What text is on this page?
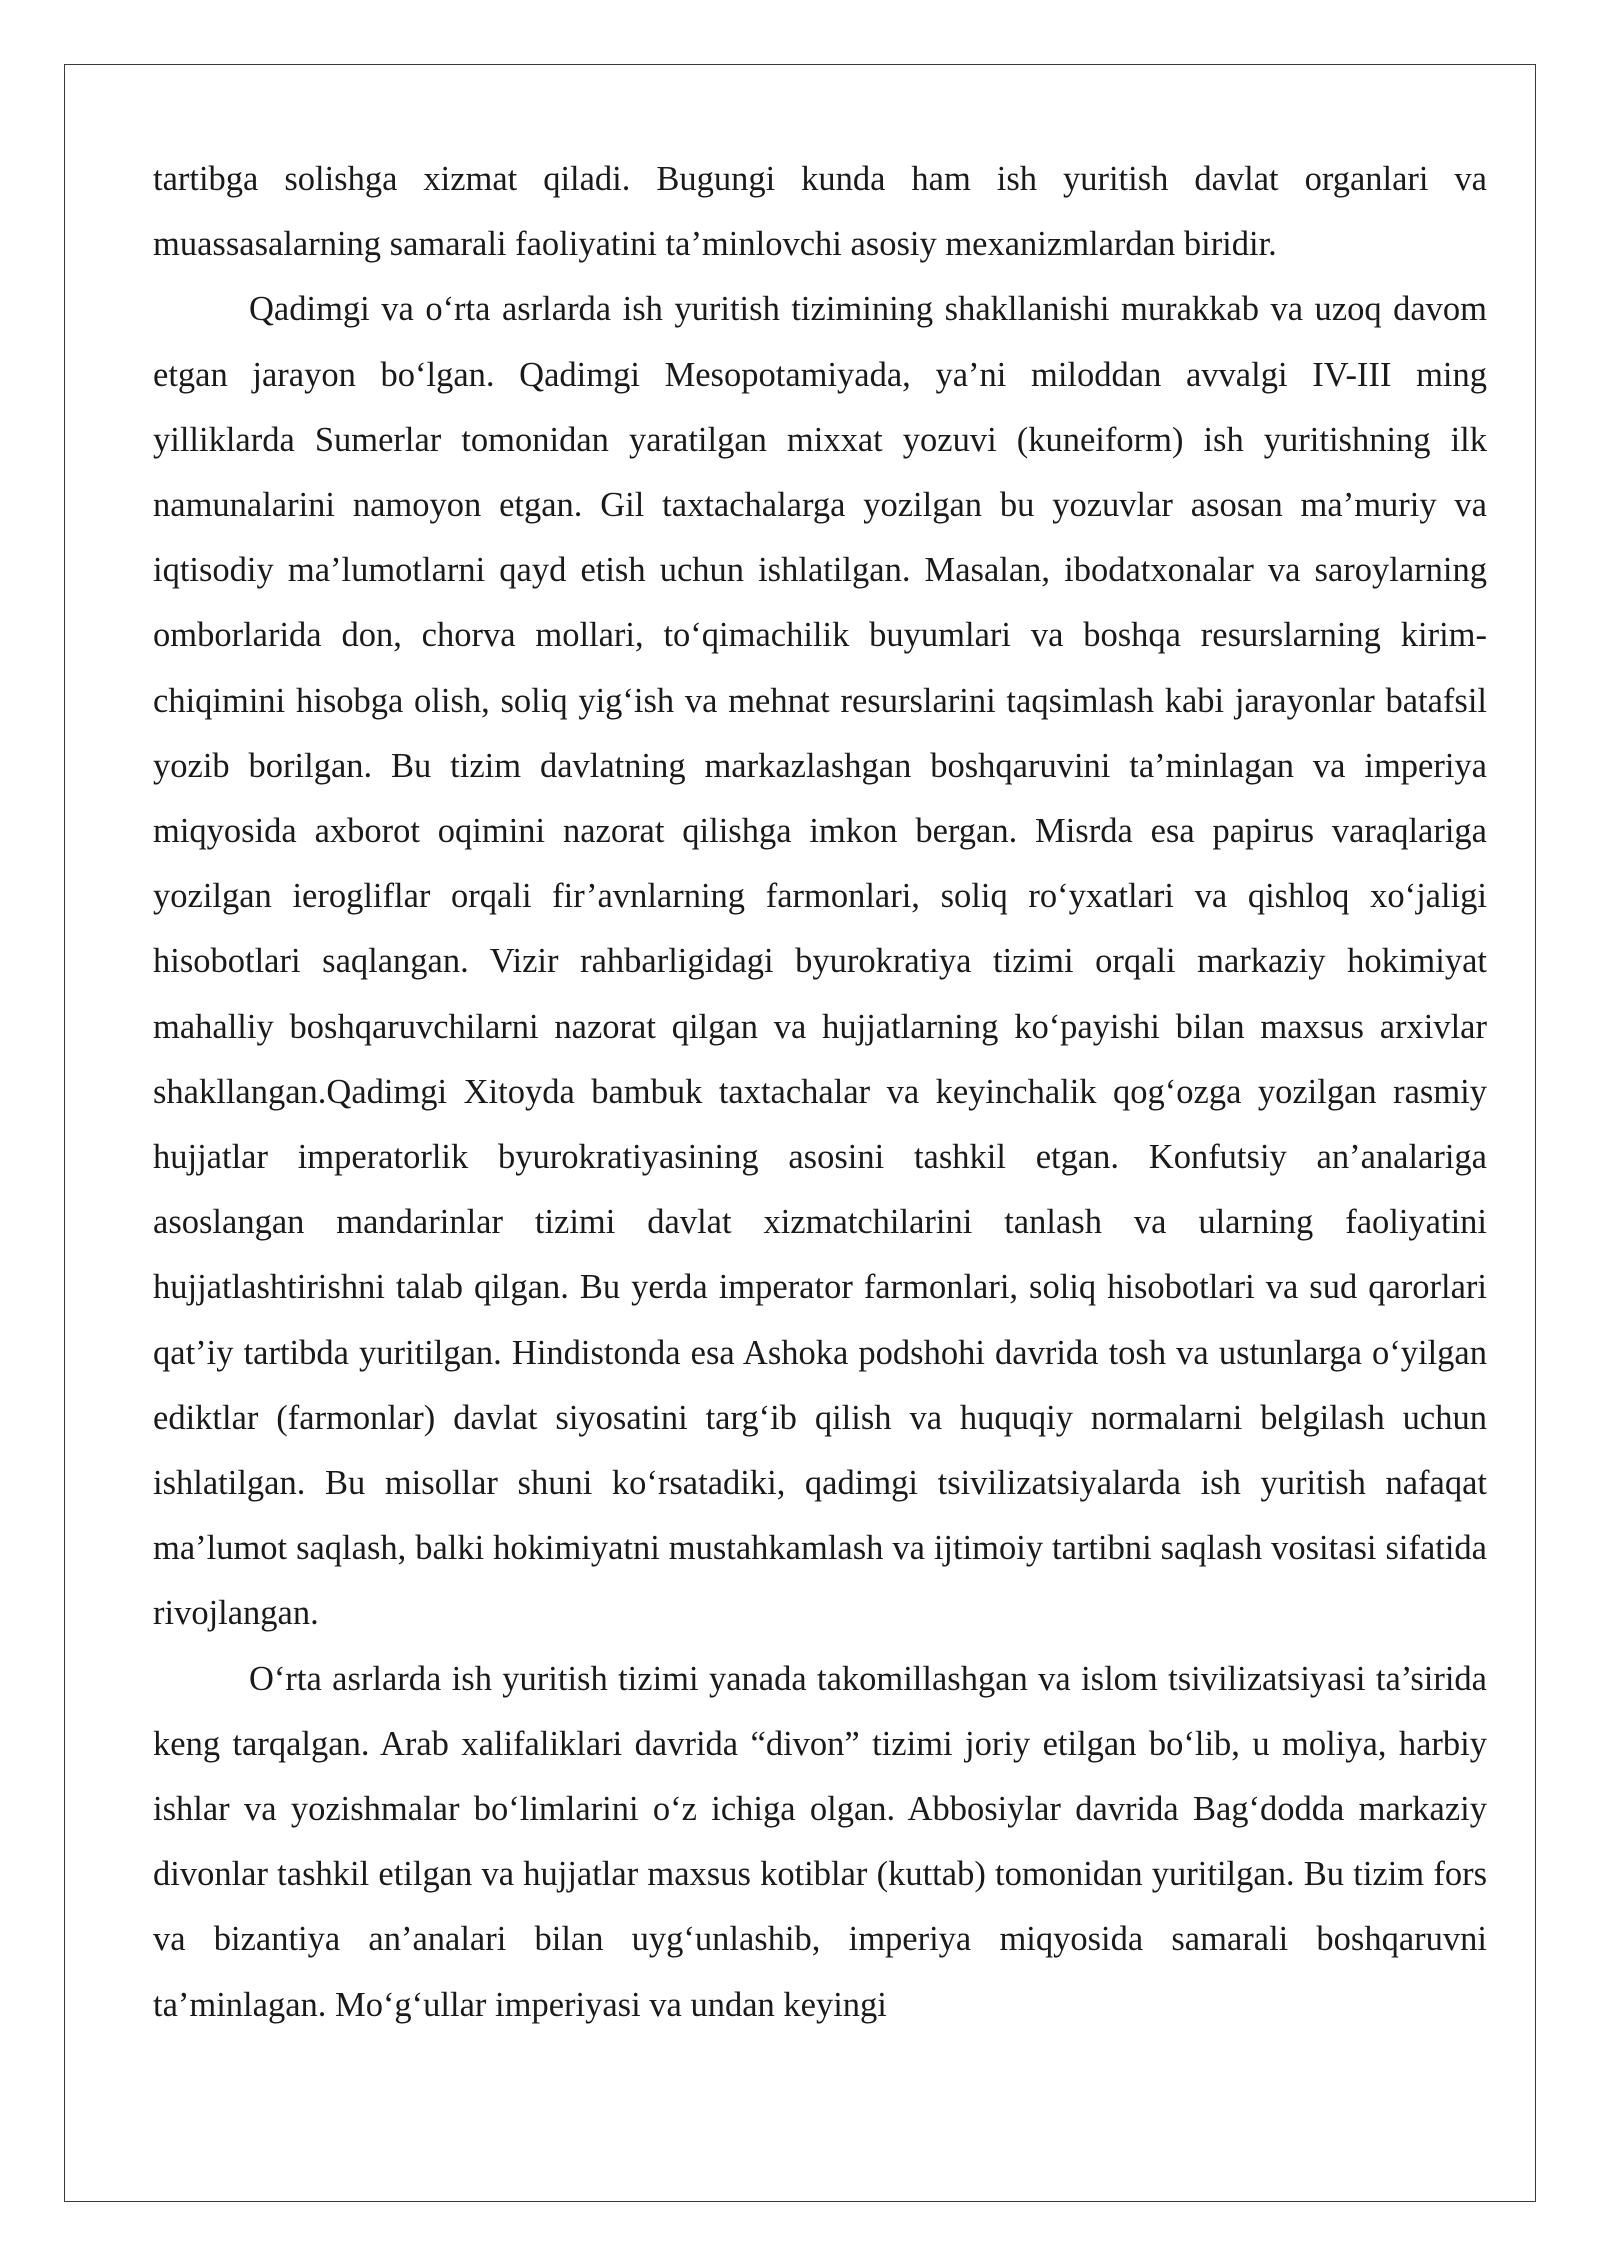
tartibga solishga xizmat qiladi. Bugungi kunda ham ish yuritish davlat organlari va muassasalarning samarali faoliyatini ta’minlovchi asosiy mexanizmlardan biridir.

Qadimgi va o‘rta asrlarda ish yuritish tizimining shakllanishi murakkab va uzoq davom etgan jarayon bo‘lgan. Qadimgi Mesopotamiyada, ya’ni miloddan avvalgi IV-III ming yilliklarda Sumerlar tomonidan yaratilgan mixxat yozuvi (kuneiform) ish yuritishning ilk namunalarini namoyon etgan. Gil taxtachalarga yozilgan bu yozuvlar asosan ma’muriy va iqtisodiy ma’lumotlarni qayd etish uchun ishlatilgan. Masalan, ibodatxonalar va saroylarning omborlarida don, chorva mollari, to‘qimachilik buyumlari va boshqa resurslarning kirim-chiqimini hisobga olish, soliq yig‘ish va mehnat resurslarini taqsimlash kabi jarayonlar batafsil yozib borilgan. Bu tizim davlatning markazlashgan boshqaruvini ta’minlagan va imperiya miqyosida axborot oqimini nazorat qilishga imkon bergan. Misrda esa papirus varaqlariga yozilgan ierogliflar orqali fir’avnlarning farmonlari, soliq ro‘yxatlari va qishloq xo‘jaligi hisobotlari saqlangan. Vizir rahbarligidagi byurokratiya tizimi orqali markaziy hokimiyat mahalliy boshqaruvchilarni nazorat qilgan va hujjatlarning ko‘payishi bilan maxsus arxivlar shakllangan.Qadimgi Xitoyda bambuk taxtachalar va keyinchalik qog‘ozga yozilgan rasmiy hujjatlar imperatorlik byurokratiyasining asosini tashkil etgan. Konfutsiy an’analariga asoslangan mandarinlar tizimi davlat xizmatchilarini tanlash va ularning faoliyatini hujjatlashtirishni talab qilgan. Bu yerda imperator farmonlari, soliq hisobotlari va sud qarorlari qat’iy tartibda yuritilgan. Hindistonda esa Ashoka podshohi davrida tosh va ustunlarga o‘yilgan ediktlar (farmonlar) davlat siyosatini targ‘ib qilish va huquqiy normalarni belgilash uchun ishlatilgan. Bu misollar shuni ko‘rsatadiki, qadimgi tsivilizatsiyalarda ish yuritish nafaqat ma’lumot saqlash, balki hokimiyatni mustahkamlash va ijtimoiy tartibni saqlash vositasi sifatida rivojlangan.

O‘rta asrlarda ish yuritish tizimi yanada takomillashgan va islom tsivilizatsiyasi ta’sirida keng tarqalgan. Arab xalifaliklari davrida “divon” tizimi joriy etilgan bo‘lib, u moliya, harbiy ishlar va yozishmalar bo‘limlarini o‘z ichiga olgan. Abbosiylar davrida Bag‘dodda markaziy divonlar tashkil etilgan va hujjatlar maxsus kotiblar (kuttab) tomonidan yuritilgan. Bu tizim fors va bizantiya an’analari bilan uyg‘unlashib, imperiya miqyosida samarali boshqaruvni ta’minlagan. Mo‘g‘ullar imperiyasi va undan keyingi
